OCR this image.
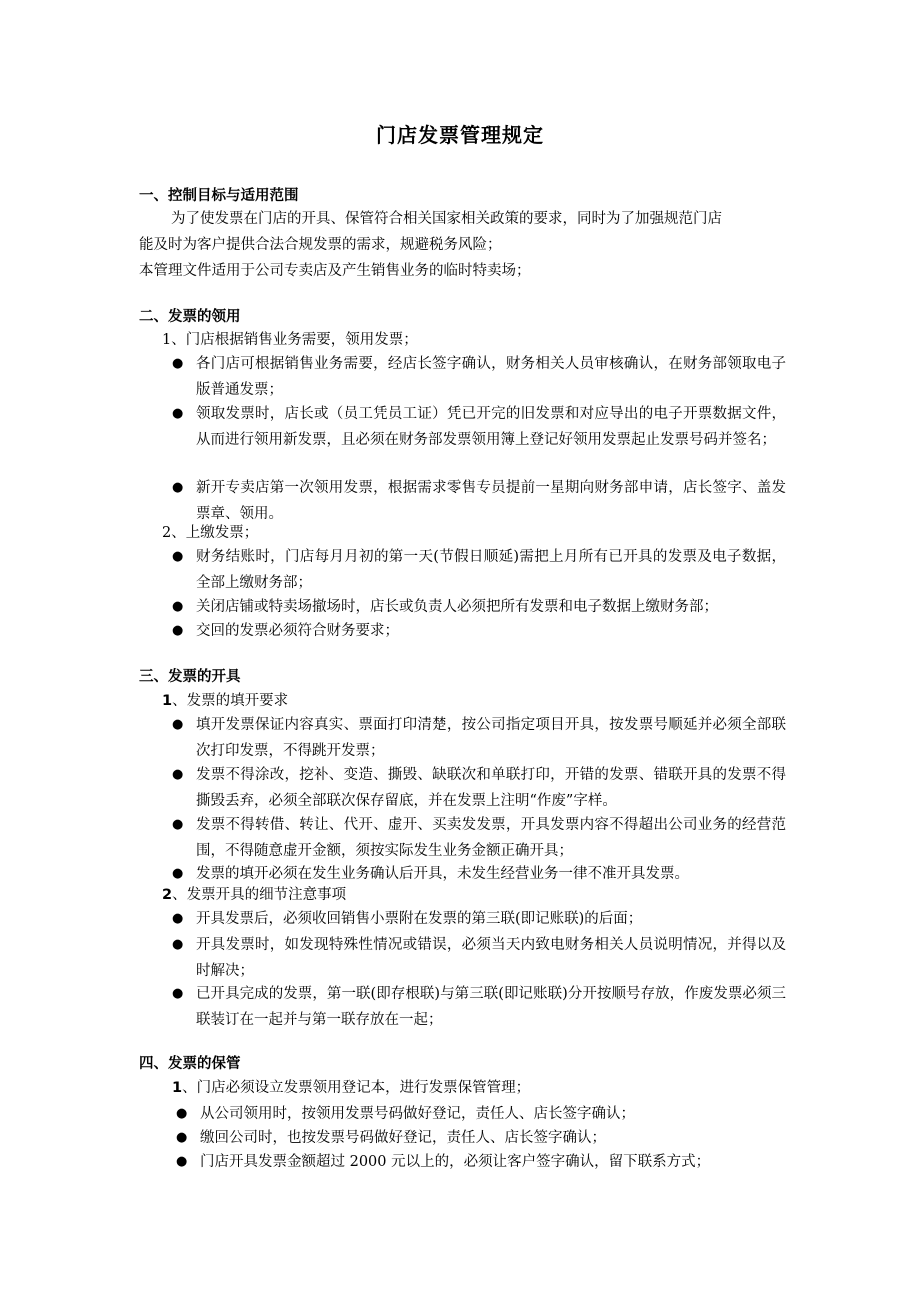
门店发票管理规定
一、控制目标与适用范围
为了使发票在门店的开具、保管符合相关国家相关政策的要求，同时为了加强规范门店
能及时为客户提供合法合规发票的需求，规避税务风险；
本管理文件适用于公司专卖店及产生销售业务的临时特卖场；
二、发票的领用
1、门店根据销售业务需要，领用发票；
● 各门店可根据销售业务需要，经店长签字确认，财务相关人员审核确认，在财务部领取电子版普通发票；
● 领取发票时，店长或（员工凭员工证）凭已开完的旧发票和对应导出的电子开票数据文件，从而进行领用新发票，且必须在财务部发票领用簿上登记好领用发票起止发票号码并签名；
● 新开专卖店第一次领用发票，根据需求零售专员提前一星期向财务部申请，店长签字、盖发票章、领用。
2、上缴发票；
● 财务结账时，门店每月月初的第一天(节假日顺延)需把上月所有已开具的发票及电子数据，全部上缴财务部；
● 关闭店铺或特卖场撤场时，店长或负责人必须把所有发票和电子数据上缴财务部；
● 交回的发票必须符合财务要求；
三、发票的开具
1、发票的填开要求
● 填开发票保证内容真实、票面打印清楚，按公司指定项目开具，按发票号顺延并必须全部联次打印发票，不得跳开发票；
● 发票不得涂改，挖补、变造、撕毁、缺联次和单联打印，开错的发票、错联开具的发票不得撕毁丢弃，必须全部联次保存留底，并在发票上注明“作废”字样。
● 发票不得转借、转让、代开、虚开、买卖发发票，开具发票内容不得超出公司业务的经营范围，不得随意虚开金额，须按实际发生业务金额正确开具；
● 发票的填开必须在发生业务确认后开具，未发生经营业务一律不准开具发票。
2、发票开具的细节注意事项
● 开具发票后，必须收回销售小票附在发票的第三联(即记账联)的后面；
● 开具发票时，如发现特殊性情况或错误，必须当天内致电财务相关人员说明情况，并得以及时解决；
● 已开具完成的发票，第一联(即存根联)与第三联(即记账联)分开按顺号存放，作废发票必须三联装订在一起并与第一联存放在一起；
四、发票的保管
1、门店必须设立发票领用登记本，进行发票保管管理；
● 从公司领用时，按领用发票号码做好登记，责任人、店长签字确认；
● 缴回公司时，也按发票号码做好登记，责任人、店长签字确认；
● 门店开具发票金额超过 2000 元以上的，必须让客户签字确认，留下联系方式；
